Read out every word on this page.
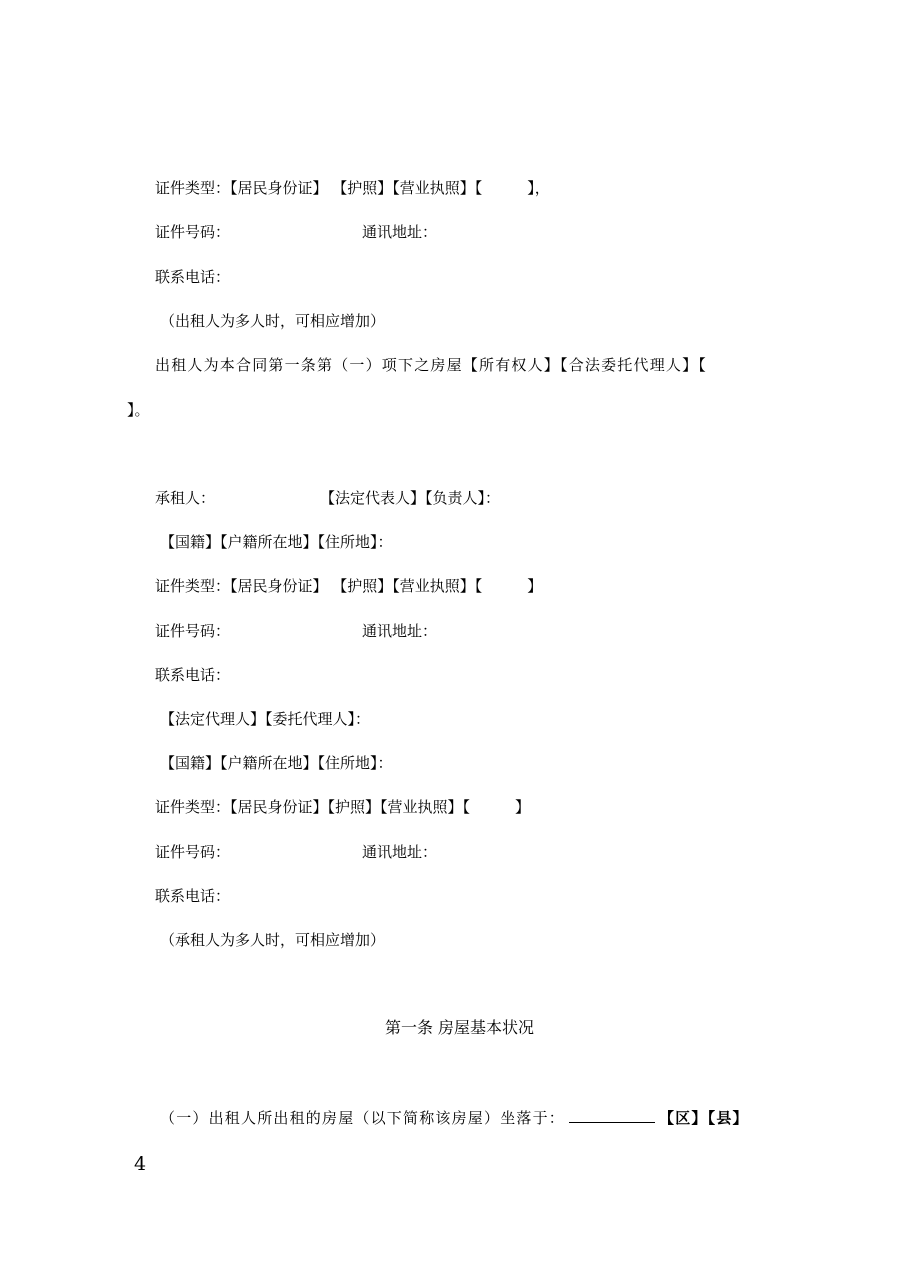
证件类型：【居民身份证】 【护照】【营业执照】【　　　】，
证件号码：	通讯地址：
联系电话：
（出租人为多人时，可相应增加）
出租人为本合同第一条第（一）项下之房屋【所有权人】【合法委托代理人】【
】。
承租人：　　　　　　　　【法定代表人】【负责人】：
【国籍】【户籍所在地】【住所地】：
证件类型：【居民身份证】 【护照】【营业执照】【　　　】
证件号码：	通讯地址：
联系电话：
【法定代理人】【委托代理人】：
【国籍】【户籍所在地】【住所地】：
证件类型：【居民身份证】【护照】【营业执照】【　　　】
证件号码：	通讯地址：
联系电话：
（承租人为多人时，可相应增加）
第一条 房屋基本状况
（一）出租人所出租的房屋（以下简称该房屋）坐落于：	【区】【县】
4
